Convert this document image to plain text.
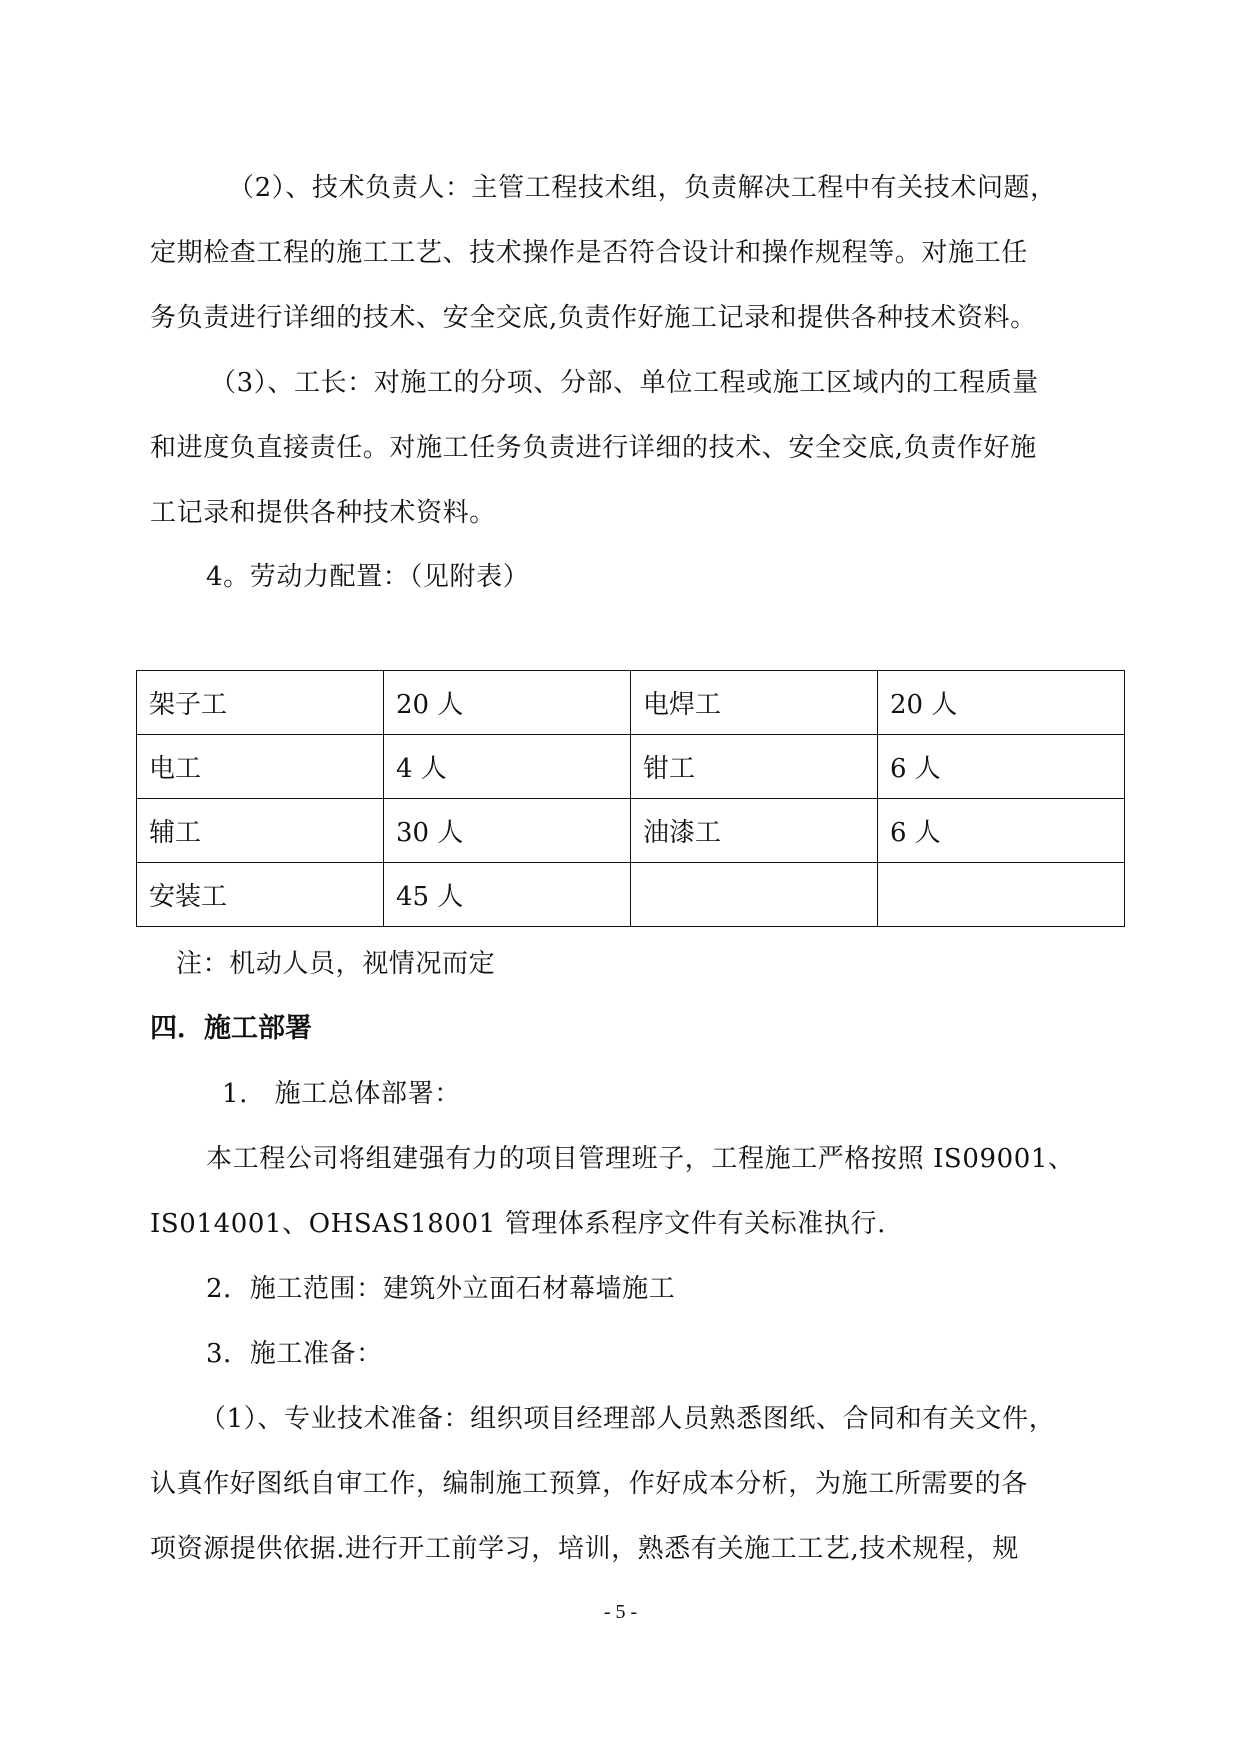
（2）、技术负责人：主管工程技术组，负责解决工程中有关技术问题，
定期检查工程的施工工艺、技术操作是否符合设计和操作规程等。对施工任
务负责进行详细的技术、安全交底,负责作好施工记录和提供各种技术资料。
（3）、工长：对施工的分项、分部、单位工程或施工区域内的工程质量
和进度负直接责任。对施工任务负责进行详细的技术、安全交底,负责作好施
工记录和提供各种技术资料。
4。劳动力配置：（见附表）
架子工	20 人	电焊工	20 人
电工	4 人	钳工	6 人
辅工	30 人	油漆工	6 人
安装工	45 人		
注：机动人员，视情况而定
四．施工部署
1.　施工总体部署：
本工程公司将组建强有力的项目管理班子，工程施工严格按照 IS09001、
IS014001、OHSAS18001 管理体系程序文件有关标准执行.
2．施工范围：建筑外立面石材幕墙施工
3．施工准备：
（1）、专业技术准备：组织项目经理部人员熟悉图纸、合同和有关文件，
认真作好图纸自审工作，编制施工预算，作好成本分析，为施工所需要的各
项资源提供依据.进行开工前学习，培训，熟悉有关施工工艺,技术规程，规
- 5 -
